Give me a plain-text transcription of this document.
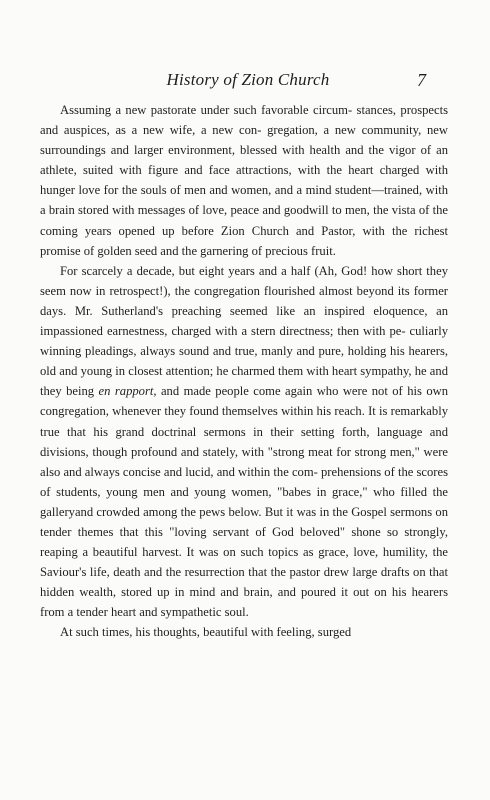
History of Zion Church	7

Assuming a new pastorate under such favorable circum- stances, prospects and auspices, as a new wife, a new con- gregation, a new community, new surroundings and larger environment, blessed with health and the vigor of an athlete, suited with figure and face attractions, with the heart charged with hunger love for the souls of men and women, and a mind student—trained, with a brain stored with messages of love, peace and goodwill to men, the vista of the coming years opened up before Zion Church and Pastor, with the richest promise of golden seed and the garnering of precious fruit.

For scarcely a decade, but eight years and a half (Ah, God! how short they seem now in retrospect!), the congregation flourished almost beyond its former days. Mr. Sutherland's preaching seemed like an inspired eloquence, an impassioned earnestness, charged with a stern directness; then with pe- culiarly winning pleadings, always sound and true, manly and pure, holding his hearers, old and young in closest attention; he charmed them with heart sympathy, he and they being en rapport, and made people come again who were not of his own congregation, whenever they found themselves within his reach. It is remarkably true that his grand doctrinal sermons in their setting forth, language and divisions, though profound and stately, with "strong meat for strong men," were also and always concise and lucid, and within the com- prehensions of the scores of students, young men and young women, "babes in grace," who filled the galleryand crowded among the pews below. But it was in the Gospel sermons on tender themes that this "loving servant of God beloved" shone so strongly, reaping a beautiful harvest. It was on such topics as grace, love, humility, the Saviour's life, death and the resurrection that the pastor drew large drafts on that hidden wealth, stored up in mind and brain, and poured it out on his hearers from a tender heart and sympathetic soul.

At such times, his thoughts, beautiful with feeling, surged
